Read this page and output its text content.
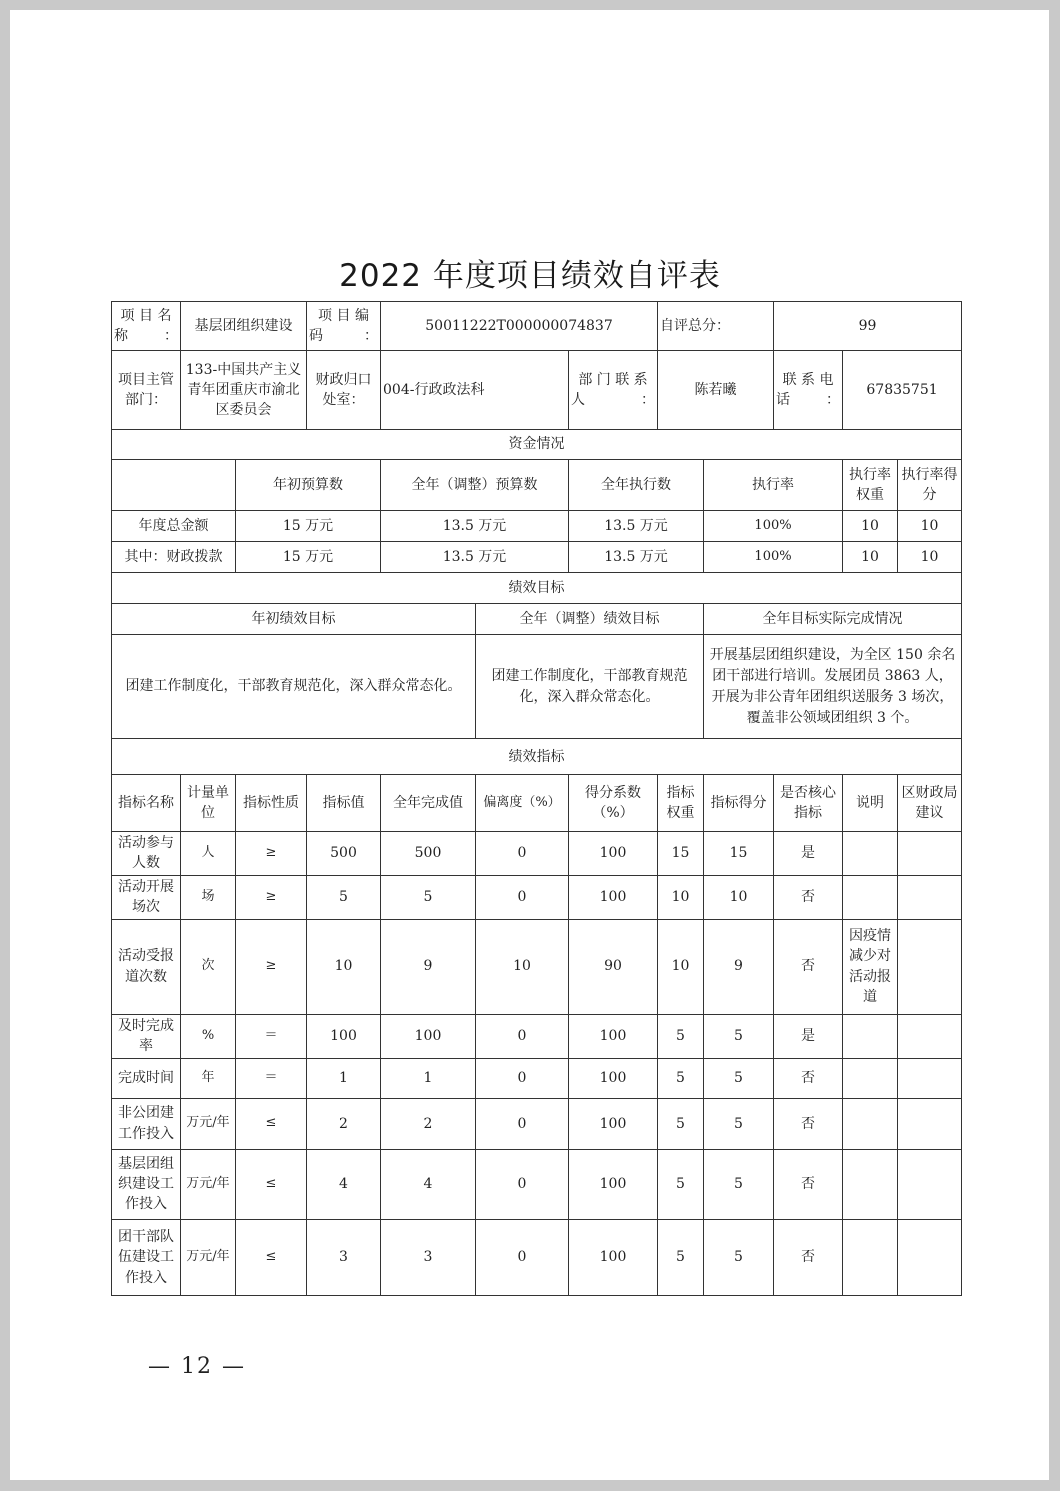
2022 年度项目绩效自评表
项 目 名称：	基层团组织建设		项 目 编码：	50011222T000000074837			自评总分：		99		
项目主管部门：	133-中国共产主义青年团重庆市渝北区委员会		财政归口处室：	004-行政政法科		部 门 联 系人：	陈若曦		联 系 电话：	67835751	
资金情况											
		年初预算数		全年（调整）预算数		全年执行数		执行率		执行率权重	执行率得分
年度总金额		15 万元		13.5 万元		13.5 万元		100%		10	10
其中：财政拨款		15 万元		13.5 万元		13.5 万元		100%		10	10
绩效目标											
年初绩效目标					全年（调整）绩效目标			全年目标实际完成情况			
团建工作制度化，干部教育规范化，深入群众常态化。					团建工作制度化，干部教育规范化，深入群众常态化。			开展基层团组织建设，为全区 150 余名团干部进行培训。发展团员 3863 人，开展为非公青年团组织送服务 3 场次，覆盖非公领域团组织 3 个。			
绩效指标											
指标名称	计量单位	指标性质	指标值	全年完成值	偏离度（%）	得分系数（%）	指标权重	指标得分	是否核心指标	说明	区财政局建议
活动参与人数	人	≥	500	500	0	100	15	15	是		
活动开展场次	场	≥	5	5	0	100	10	10	否		
活动受报道次数	次	≥	10	9	10	90	10	9	否	因疫情减少对活动报道	
及时完成率	%	＝	100	100	0	100	5	5	是		
完成时间	年	＝	1	1	0	100	5	5	否		
非公团建工作投入	万元/年	≤	2	2	0	100	5	5	否		
基层团组织建设工作投入	万元/年	≤	4	4	0	100	5	5	否		
团干部队伍建设工作投入	万元/年	≤	3	3	0	100	5	5	否		
— 12 —
